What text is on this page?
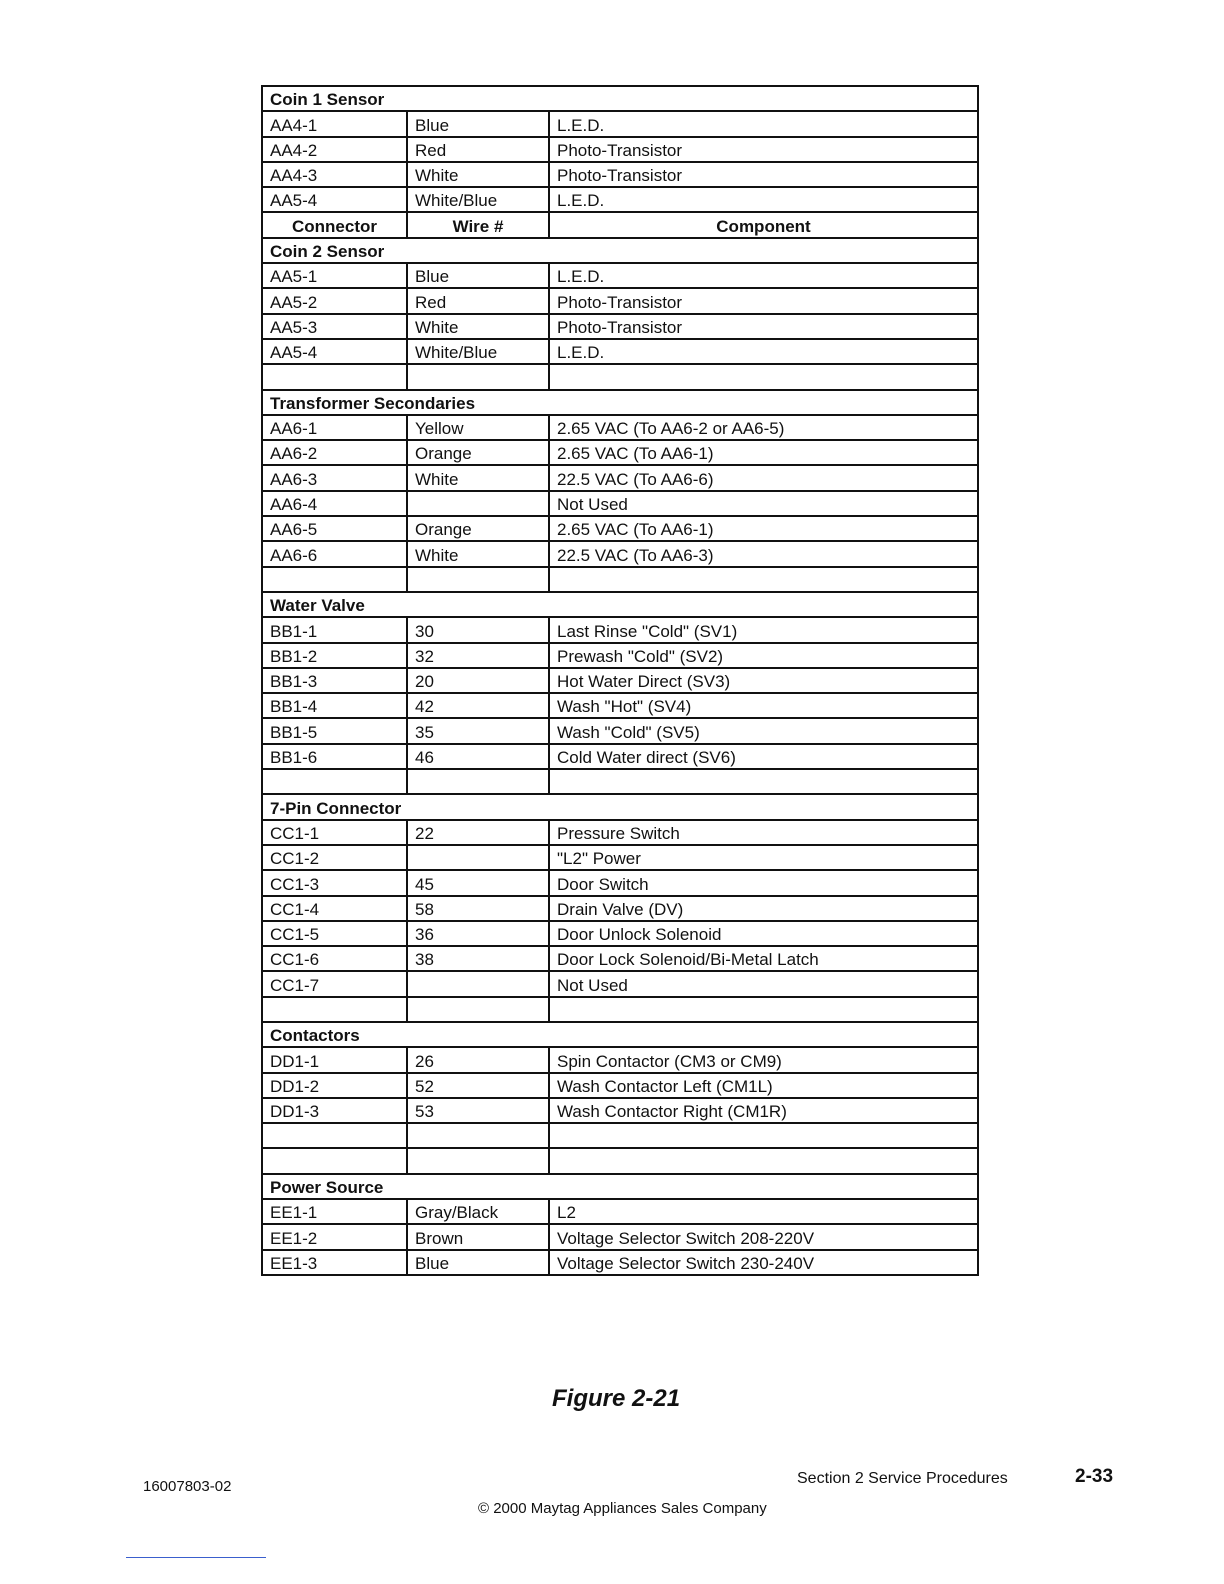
Coin 1 Sensor		
AA4-1	Blue	L.E.D.
AA4-2	Red	Photo-Transistor
AA4-3	White	Photo-Transistor
AA5-4	White/Blue	L.E.D.
Connector	Wire #	Component
Coin 2 Sensor		
AA5-1	Blue	L.E.D.
AA5-2	Red	Photo-Transistor
AA5-3	White	Photo-Transistor
AA5-4	White/Blue	L.E.D.

Transformer Secondaries		
AA6-1	Yellow	2.65 VAC (To AA6-2 or AA6-5)
AA6-2	Orange	2.65 VAC (To AA6-1)
AA6-3	White	22.5 VAC (To AA6-6)
AA6-4		Not Used
AA6-5	Orange	2.65 VAC (To AA6-1)
AA6-6	White	22.5 VAC (To AA6-3)

Water Valve		
BB1-1	30	Last Rinse "Cold" (SV1)
BB1-2	32	Prewash "Cold" (SV2)
BB1-3	20	Hot Water Direct (SV3)
BB1-4	42	Wash "Hot" (SV4)
BB1-5	35	Wash "Cold" (SV5)
BB1-6	46	Cold Water direct (SV6)

7-Pin Connector		
CC1-1	22	Pressure Switch
CC1-2		"L2" Power
CC1-3	45	Door Switch
CC1-4	58	Drain Valve (DV)
CC1-5	36	Door Unlock Solenoid
CC1-6	38	Door Lock Solenoid/Bi-Metal Latch
CC1-7		Not Used

Contactors		
DD1-1	26	Spin Contactor (CM3 or CM9)
DD1-2	52	Wash Contactor Left (CM1L)
DD1-3	53	Wash Contactor Right (CM1R)

Power Source		
EE1-1	Gray/Black	L2
EE1-2	Brown	Voltage Selector Switch 208-220V
EE1-3	Blue	Voltage Selector Switch 230-240V
Figure 2-21
16007803-02	Section 2 Service Procedures	2-33
© 2000 Maytag Appliances Sales Company
